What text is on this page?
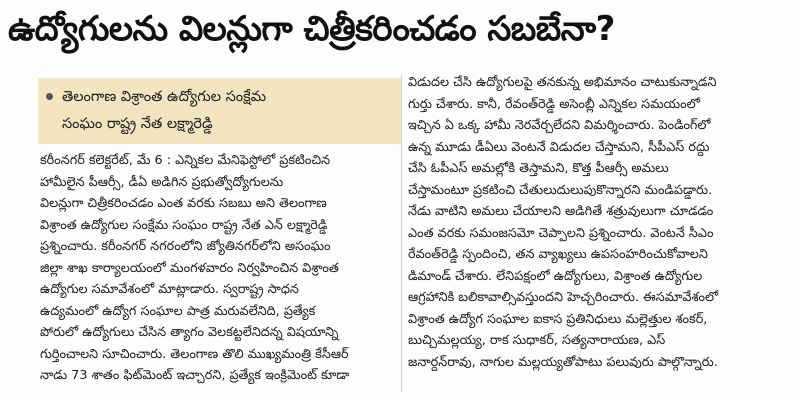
ఉద్యోగులను విలన్లుగా చిత్రీకరించడం సబబేనా?
తెలంగాణ విశ్రాంత ఉద్యోగుల సంక్షేమ
సంఘం రాష్ట్ర నేత లక్ష్మారెడ్డి
కరీంనగర్ కలెక్టరేట్, మే 6 : ఎన్నికల మేనిఫెస్టోలో ప్రకటించిన
హామీలైన పీఆర్సీ, డీఏ అడిగిన ప్రభుత్వోద్యోగులను
విలన్లుగా చిత్రీకరించడం ఎంత వరకు సబబు అని తెలంగాణ
విశ్రాంత ఉద్యోగుల సంక్షేమ సంఘం రాష్ట్ర నేత ఎన్ లక్ష్మారెడ్డి
ప్రశ్నించారు. కరీంనగర్ నగరంలోని జ్యోతినగర్‌లోని అసంఘం
జిల్లా శాఖ కార్యాలయంలో మంగళవారం నిర్వహించిన విశ్రాంత
ఉద్యోగుల సమావేశంలో మాట్లాడారు. స్వరాష్ట్ర సాధన
ఉద్యమంలో ఉద్యోగ సంఘాల పాత్ర మరువలేనిది, ప్రత్యేక
పోరులో ఉద్యోగులు చేసిన త్యాగం వెలకట్టలేనిదన్న విషయాన్ని
గుర్తించాలని సూచించారు. తెలంగాణ తొలి ముఖ్యమంత్రి కేసీఆర్
నాడు 73 శాతం ఫిట్‌మెంట్ ఇచ్చారని, ప్రత్యేక ఇంక్రిమెంట్ కూడా
విడుదల చేసి ఉద్యోగులపై తనకున్న అభిమానం చాటుకున్నాడని
గుర్తు చేశారు. కానీ, రేవంత్‌రెడ్డి అసెంబ్లీ ఎన్నికల సమయంలో
ఇచ్చిన ఏ ఒక్క హామీ నెరవేర్చలేదని విమర్శించారు. పెండింగ్‌లో
ఉన్న మూడు డీఏలు వెంటనే విడుదల చేస్తామని, సీపీఎస్ రద్దు
చేసి ఓపీఎస్ అమల్లోకి తెస్తామని, కొత్త పీఆర్సీ అమలు
చేస్తామంటూ ప్రకటించి చేతులుదులుపుకొన్నారని మండిపడ్డారు.
నేడు వాటిని అమలు చేయాలని అడిగితే శత్రువులుగా చూడడం
ఎంత వరకు సమంజసమో చెప్పాలని ప్రశ్నించారు. వెంటనే సీఎం
రేవంత్‌రెడ్డి స్పందించి, తన వ్యాఖ్యలు ఉపసంహరించుకోవాలని
డిమాండ్ చేశారు. లేనిపక్షంలో ఉద్యోగులు, విశ్రాంత ఉద్యోగుల
ఆగ్రహానికి బలికావాల్సివస్తుందని హెచ్చరించారు. ఈసమావేశంలో
విశ్రాంత ఉద్యోగ సంఘాల ఐకాస ప్రతినిధులు మల్లెత్తుల శంకర్,
బుచ్చిమల్లయ్య, రాక సుధాకర్, సత్యనారాయణ, ఎస్
జనార్దన్‌రావు, నాగుల మల్లయ్యతోపాటు పలువురు పాల్గొన్నారు.
